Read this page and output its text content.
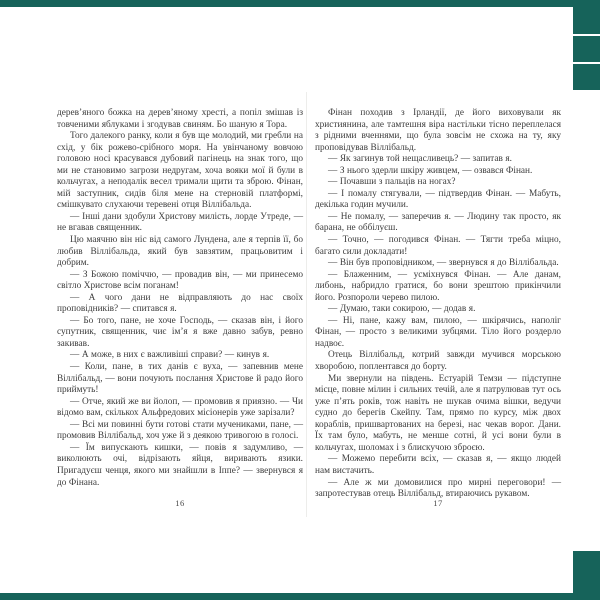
дерев’яного божка на дерев’яному хресті, а попіл змішав із товченими яблуками і згодував свиням. Бо шаную я Тора.

Того далекого ранку, коли я був ще молодий, ми гребли на схід, у бік рожево-срібного моря. На увінчаному вовчою головою носі красувався дубовий пагінець на знак того, що ми не становимо загрози недругам, хоча вояки мої й були в кольчугах, а неподалік весел тримали щити та зброю. Фінан, мій заступник, сидів біля мене на стерновій платформі, смішкувато слухаючи теревені отця Віллібальда.

— Інші дани здобули Христову милість, лорде Утреде, — не вгавав священник.

Цю маячню він ніс від самого Лундена, але я терпів її, бо любив Віллібальда, який був завзятим, працьовитим і добрим.

— З Божою поміччю, — провадив він, — ми принесемо світло Христове всім поганам!

— А чого дани не відправляють до нас своїх проповідників? — спитався я.

— Бо того, пане, не хоче Господь, — сказав він, і його супутник, священник, чиє ім’я я вже давно забув, ревно закивав.

— А може, в них є важливіші справи? — кинув я.

— Коли, пане, в тих данів є вуха, — запевнив мене Віллібальд, — вони почують послання Христове й радо його приймуть!

— Отче, який же ви йолоп, — промовив я приязно. — Чи відомо вам, скількох Альфредових місіонерів уже зарізали?

— Всі ми повинні бути готові стати мучениками, пане, — промовив Віллібальд, хоч уже й з деякою тривогою в голосі.

— Їм випускають кишки, — повів я задумливо, — виколюють очі, відрізають яйця, виривають язики. Пригадуєш ченця, якого ми знайшли в Іппе? — звернувся я до Фінана.

Фінан походив з Ірландії, де його виховували як християнина, але тамтешня віра настільки тісно переплелася з рідними вченнями, що була зовсім не схожа на ту, яку проповідував Віллібальд.

— Як загинув той нещасливець? — запитав я.

— З нього здерли шкіру живцем, — озвався Фінан.

— Почавши з пальців на ногах?

— І помалу стягували, — підтвердив Фінан. — Мабуть, декілька годин мучили.

— Не помалу, — заперечив я. — Людину так просто, як барана, не оббілуєш.

— Точно, — погодився Фінан. — Тягти треба міцно, багато сили докладати!

— Він був проповідником, — звернувся я до Віллібальда.

— Блаженним, — усміхнувся Фінан. — Але данам, либонь, набридло гратися, бо вони зрештою прикінчили його. Розпороли черево пилою.

— Думаю, таки сокирою, — додав я.

— Ні, пане, кажу вам, пилою, — шкірячись, наполіг Фінан, — просто з великими зубцями. Тіло його роздерло надвоє.

Отець Віллібальд, котрий завжди мучився морською хворобою, поплентався до борту.

Ми звернули на південь. Естуарій Темзи — підступне місце, повне мілин і сильних течій, але я патрулював тут ось уже п’ять років, тож навіть не шукав очима вішки, ведучи судно до берегів Скейпу. Там, прямо по курсу, між двох кораблів, пришвартованих на березі, нас чекав ворог. Дани. Їх там було, мабуть, не менше сотні, й усі вони були в кольчугах, шоломах і з блискучою зброєю.

— Можемо перебити всіх, — сказав я, — якщо людей нам вистачить.

— Але ж ми домовилися про мирні переговори! — запротестував отець Віллібальд, втираючись рукавом.

16	17
